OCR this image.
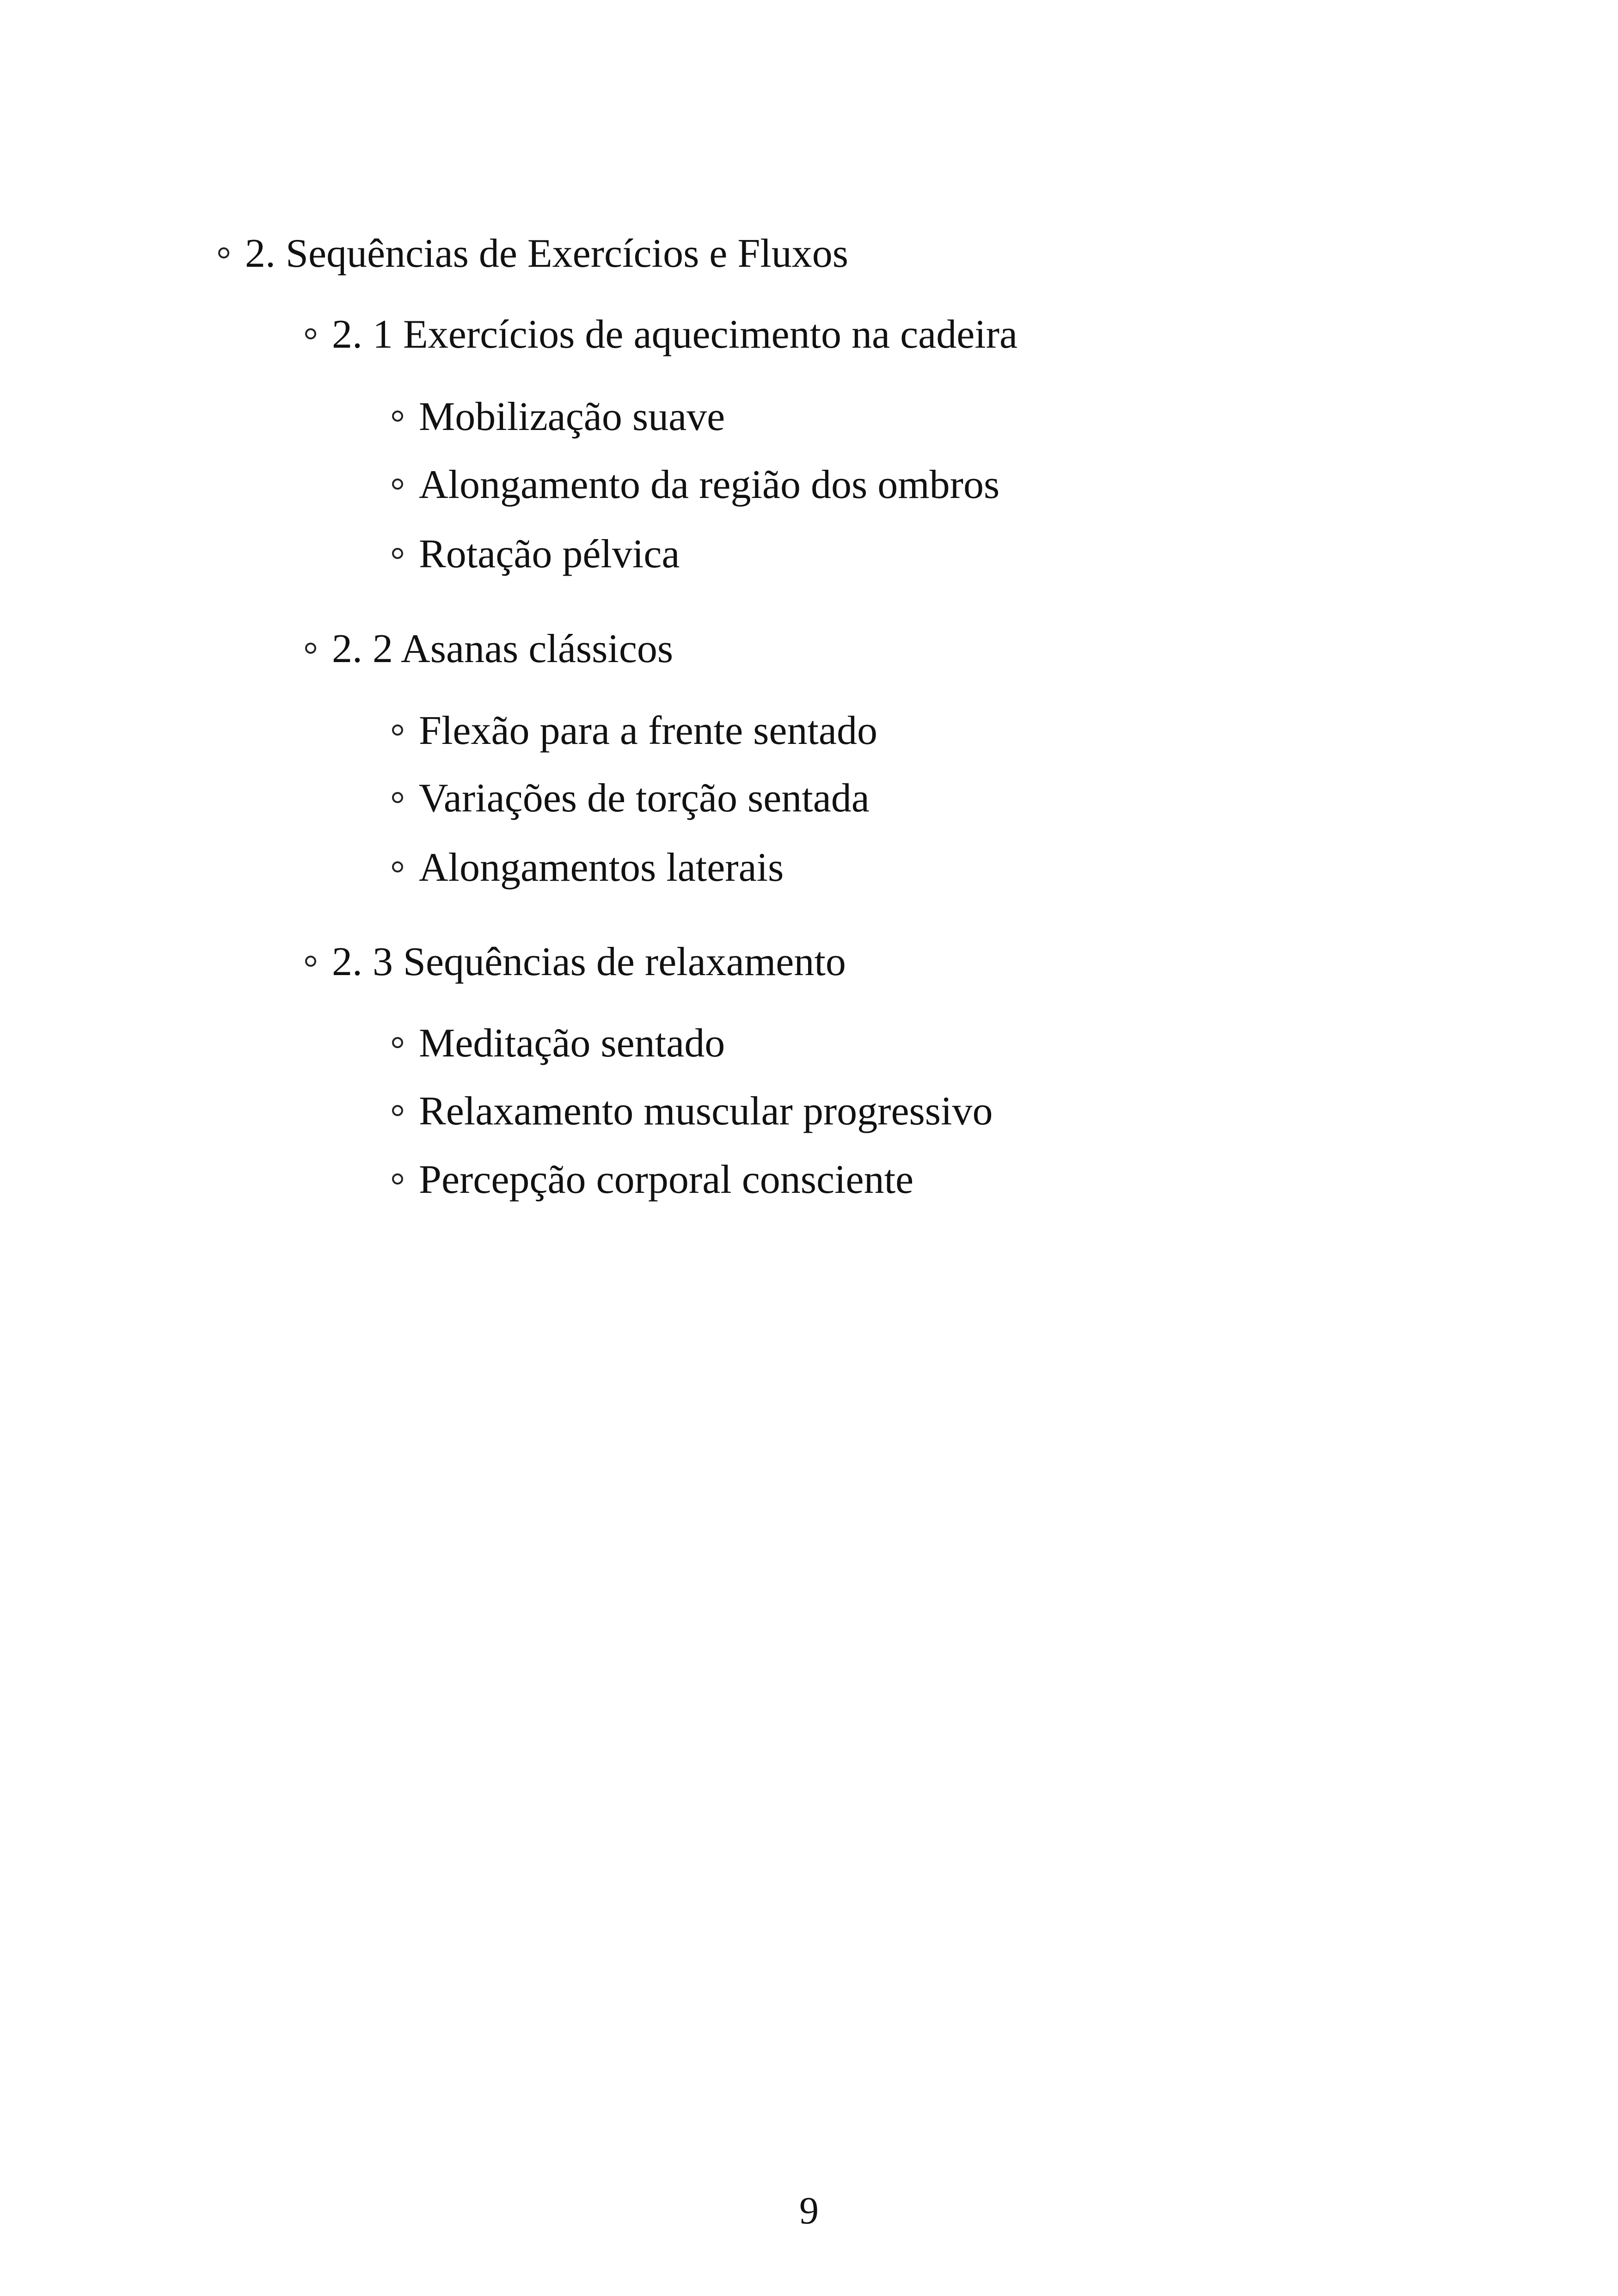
2. Sequências de Exercícios e Fluxos
2. 1 Exercícios de aquecimento na cadeira
Mobilização suave
Alongamento da região dos ombros
Rotação pélvica
2. 2 Asanas clássicos
Flexão para a frente sentado
Variações de torção sentada
Alongamentos laterais
2. 3 Sequências de relaxamento
Meditação sentado
Relaxamento muscular progressivo
Percepção corporal consciente
9
